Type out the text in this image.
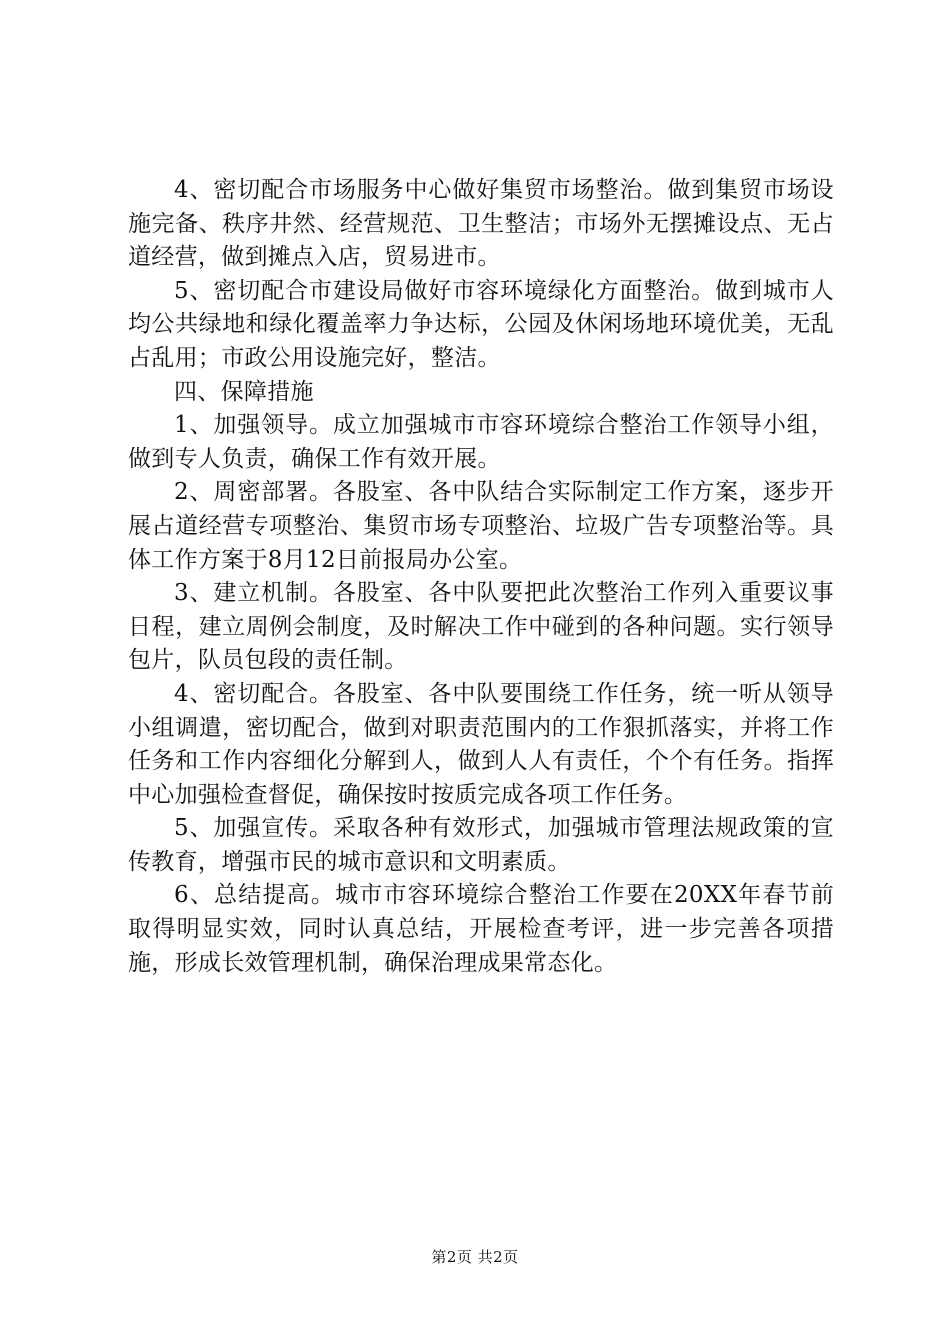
4、密切配合市场服务中心做好集贸市场整治。做到集贸市场设施完备、秩序井然、经营规范、卫生整洁；市场外无摆摊设点、无占道经营，做到摊点入店，贸易进市。

5、密切配合市建设局做好市容环境绿化方面整治。做到城市人均公共绿地和绿化覆盖率力争达标，公园及休闲场地环境优美，无乱占乱用；市政公用设施完好，整洁。

四、保障措施

1、加强领导。成立加强城市市容环境综合整治工作领导小组，做到专人负责，确保工作有效开展。

2、周密部署。各股室、各中队结合实际制定工作方案，逐步开展占道经营专项整治、集贸市场专项整治、垃圾广告专项整治等。具体工作方案于8月12日前报局办公室。

3、建立机制。各股室、各中队要把此次整治工作列入重要议事日程，建立周例会制度，及时解决工作中碰到的各种问题。实行领导包片，队员包段的责任制。

4、密切配合。各股室、各中队要围绕工作任务，统一听从领导小组调遣，密切配合，做到对职责范围内的工作狠抓落实，并将工作任务和工作内容细化分解到人，做到人人有责任，个个有任务。指挥中心加强检查督促，确保按时按质完成各项工作任务。

5、加强宣传。采取各种有效形式，加强城市管理法规政策的宣传教育，增强市民的城市意识和文明素质。

6、总结提高。城市市容环境综合整治工作要在20XX年春节前取得明显实效，同时认真总结，开展检查考评，进一步完善各项措施，形成长效管理机制，确保治理成果常态化。

第2页 共2页
